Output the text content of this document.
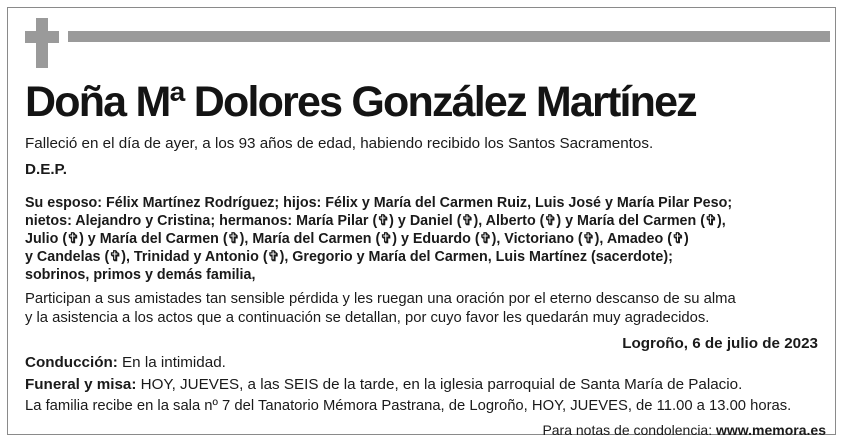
Doña Mª Dolores González Martínez
Falleció en el día de ayer, a los 93 años de edad, habiendo recibido los Santos Sacramentos.
D.E.P.
Su esposo: Félix Martínez Rodríguez; hijos: Félix y María del Carmen Ruiz, Luis José y María Pilar Peso;
nietos: Alejandro y Cristina; hermanos: María Pilar (✞) y Daniel (✞), Alberto (✞) y María del Carmen (✞),
Julio (✞) y María del Carmen (✞), María del Carmen (✞) y Eduardo (✞), Victoriano (✞), Amadeo (✞)
y Candelas (✞), Trinidad y Antonio (✞), Gregorio y María del Carmen, Luis Martínez (sacerdote);
sobrinos, primos y demás familia,
Participan a sus amistades tan sensible pérdida y les ruegan una oración por el eterno descanso de su alma
y la asistencia a los actos que a continuación se detallan, por cuyo favor les quedarán muy agradecidos.
Logroño, 6 de julio de 2023
Conducción: En la intimidad.
Funeral y misa: HOY, JUEVES, a las SEIS de la tarde, en la iglesia parroquial de Santa María de Palacio.
La familia recibe en la sala nº 7 del Tanatorio Mémora Pastrana, de Logroño, HOY, JUEVES, de 11.00 a 13.00 horas.
Para notas de condolencia: www.memora.es
